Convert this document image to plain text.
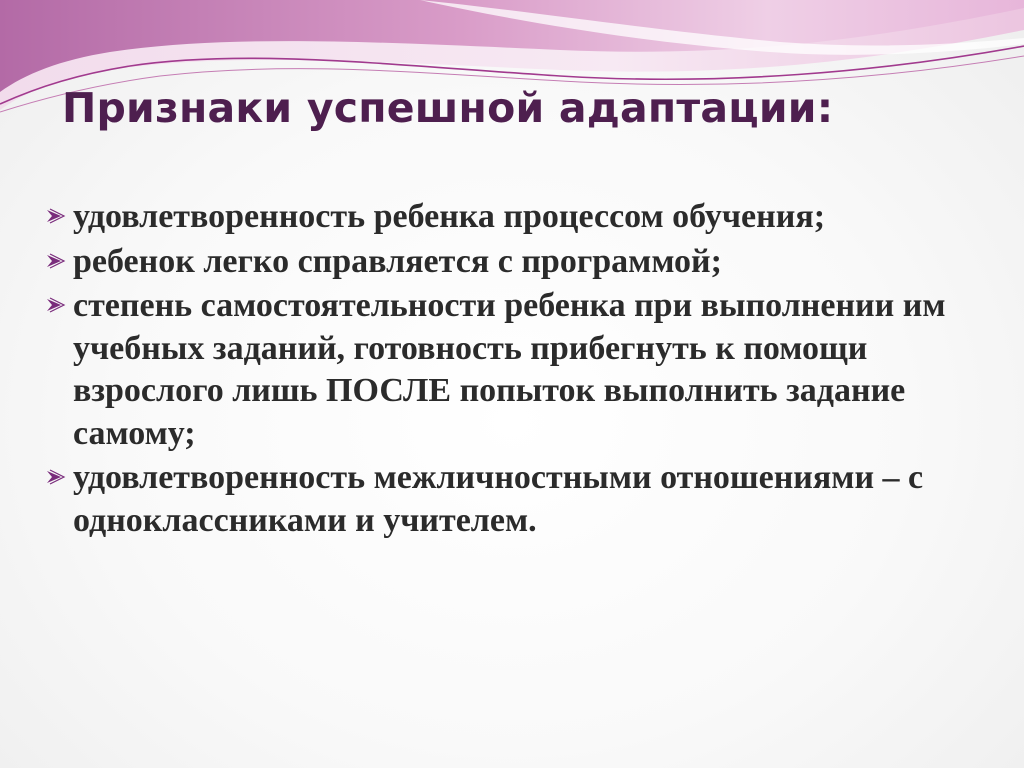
Признаки успешной адаптации:
удовлетворенность ребенка процессом обучения;
ребенок легко справляется с программой;
степень самостоятельности ребенка при выполнении им учебных заданий, готовность прибегнуть к помощи взрослого лишь ПОСЛЕ попыток выполнить задание самому;
удовлетворенность межличностными отношениями – с одноклассниками и учителем.
